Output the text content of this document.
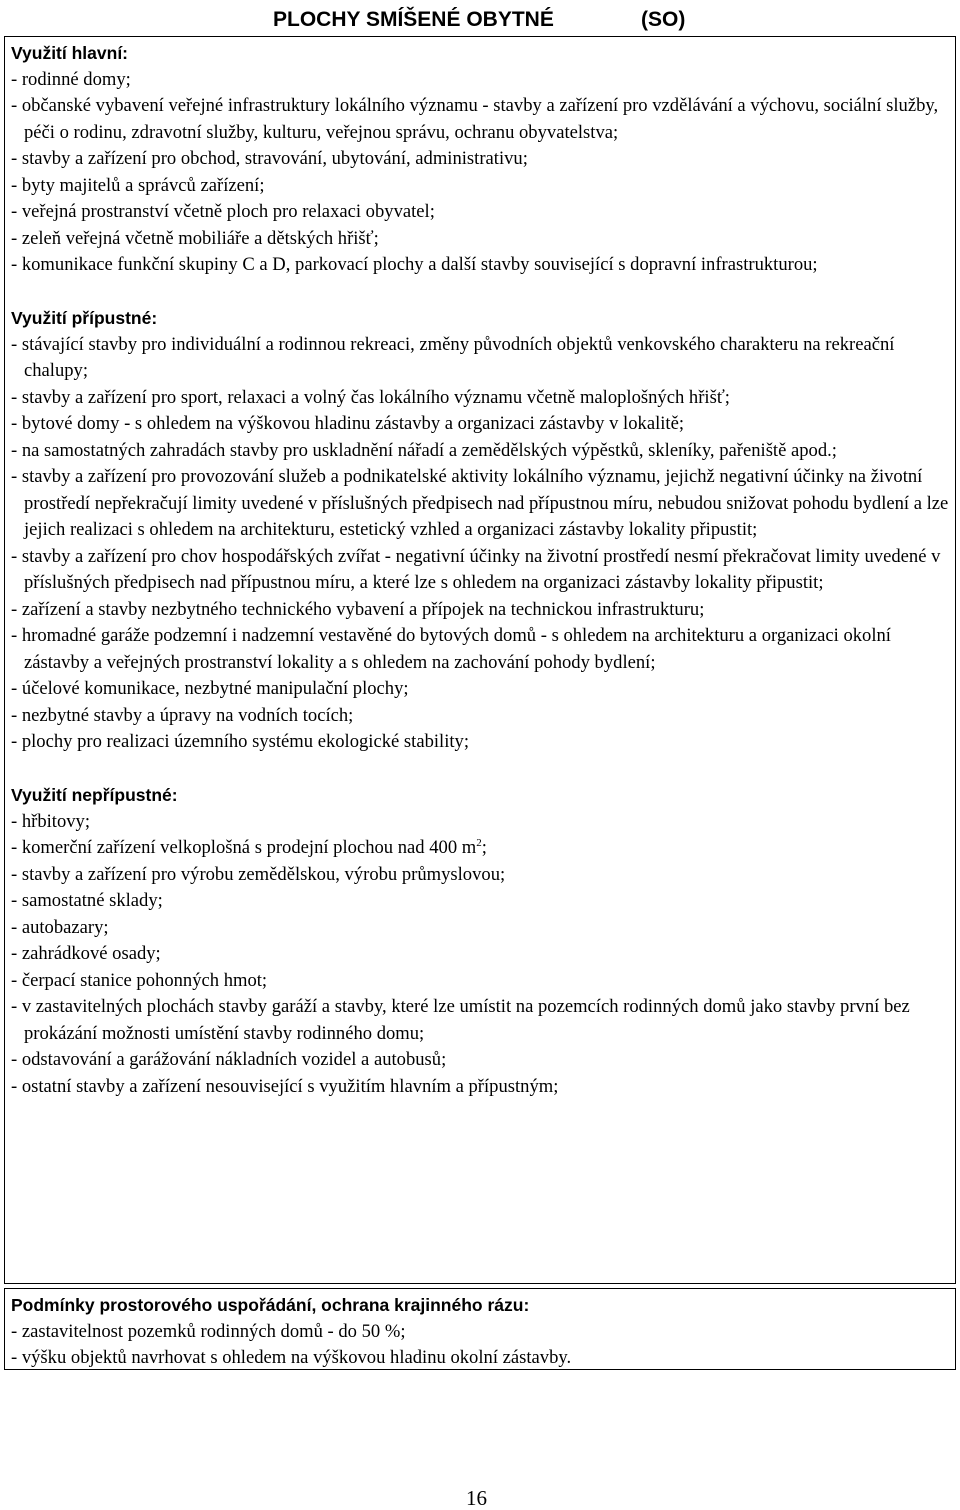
PLOCHY SMÍŠENÉ OBYTNÉ	(SO)
Využití hlavní:
- rodinné domy;
- občanské vybavení veřejné infrastruktury lokálního významu - stavby a zařízení pro vzdělávání a výchovu, sociální služby, péči o rodinu, zdravotní služby, kulturu, veřejnou správu, ochranu obyvatelstva;
- stavby a zařízení pro obchod, stravování, ubytování, administrativu;
- byty majitelů a správců zařízení;
- veřejná prostranství včetně ploch pro relaxaci obyvatel;
- zeleň veřejná včetně mobiliáře a dětských hřišť;
- komunikace funkční skupiny C a D, parkovací plochy a další stavby související s dopravní infrastrukturou;
Využití přípustné:
- stávající stavby pro individuální a rodinnou rekreaci, změny původních objektů venkovského charakteru na rekreační chalupy;
- stavby a zařízení pro sport, relaxaci a volný čas lokálního významu včetně maloplošných hřišť;
- bytové domy - s ohledem na výškovou hladinu zástavby a organizaci zástavby v lokalitě;
- na samostatných zahradách stavby pro uskladnění nářadí a zemědělských výpěstků, skleníky, pařeniště apod.;
- stavby a zařízení pro provozování služeb a podnikatelské aktivity lokálního významu, jejichž negativní účinky na životní prostředí nepřekračují limity uvedené v příslušných předpisech nad přípustnou míru, nebudou snižovat pohodu bydlení a lze jejich realizaci s ohledem na architekturu, estetický vzhled a organizaci zástavby lokality připustit;
- stavby a zařízení pro chov hospodářských zvířat - negativní účinky na životní prostředí nesmí překračovat limity uvedené v příslušných předpisech nad přípustnou míru, a které lze s ohledem na organizaci zástavby lokality připustit;
- zařízení a stavby nezbytného technického vybavení a přípojek na technickou infrastrukturu;
- hromadné garáže podzemní i nadzemní vestavěné do bytových domů - s ohledem na architekturu a organizaci okolní zástavby a veřejných prostranství lokality a s ohledem na zachování pohody bydlení;
- účelové komunikace, nezbytné manipulační plochy;
- nezbytné stavby a úpravy na vodních tocích;
- plochy pro realizaci územního systému ekologické stability;
Využití nepřípustné:
- hřbitovy;
- komerční zařízení velkoplošná s prodejní plochou nad 400 $m^2$;
- stavby a zařízení pro výrobu zemědělskou, výrobu průmyslovou;
- samostatné sklady;
- autobazary;
- zahrádkové osady;
- čerpací stanice pohonných hmot;
- v zastavitelných plochách stavby garáží a stavby, které lze umístit na pozemcích rodinných domů jako stavby první bez prokázání možnosti umístění stavby rodinného domu;
- odstavování a garážování nákladních vozidel a autobusů;
- ostatní stavby a zařízení nesouvisející s využitím hlavním a přípustným;
Podmínky prostorového uspořádání, ochrana krajinného rázu:
- zastavitelnost pozemků rodinných domů - do 50 %;
- výšku objektů navrhovat s ohledem na výškovou hladinu okolní zástavby.
16
